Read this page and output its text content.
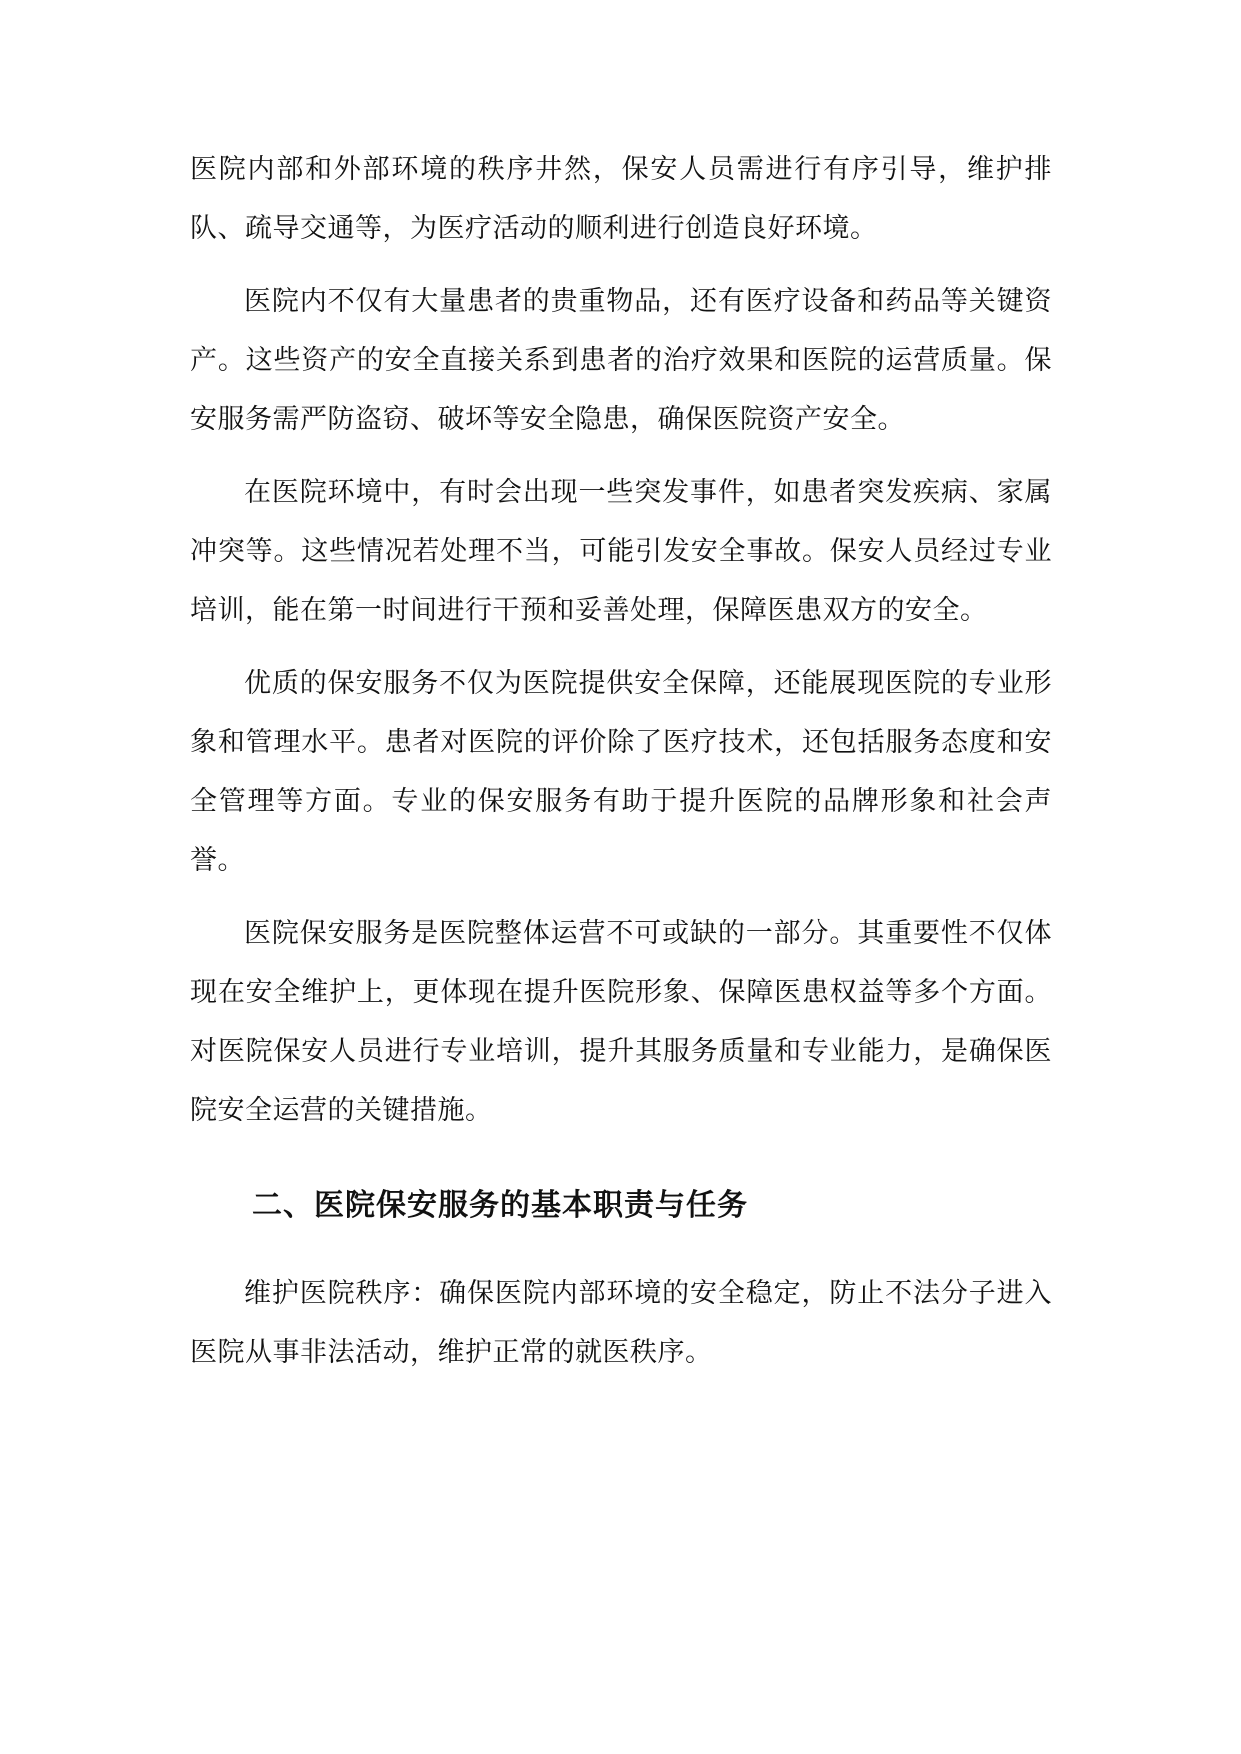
医院内部和外部环境的秩序井然，保安人员需进行有序引导，维护排队、疏导交通等，为医疗活动的顺利进行创造良好环境。

医院内不仅有大量患者的贵重物品，还有医疗设备和药品等关键资产。这些资产的安全直接关系到患者的治疗效果和医院的运营质量。保安服务需严防盗窃、破坏等安全隐患，确保医院资产安全。

在医院环境中，有时会出现一些突发事件，如患者突发疾病、家属冲突等。这些情况若处理不当，可能引发安全事故。保安人员经过专业培训，能在第一时间进行干预和妥善处理，保障医患双方的安全。

优质的保安服务不仅为医院提供安全保障，还能展现医院的专业形象和管理水平。患者对医院的评价除了医疗技术，还包括服务态度和安全管理等方面。专业的保安服务有助于提升医院的品牌形象和社会声誉。

医院保安服务是医院整体运营不可或缺的一部分。其重要性不仅体现在安全维护上，更体现在提升医院形象、保障医患权益等多个方面。对医院保安人员进行专业培训，提升其服务质量和专业能力，是确保医院安全运营的关键措施。

二、医院保安服务的基本职责与任务

维护医院秩序：确保医院内部环境的安全稳定，防止不法分子进入医院从事非法活动，维护正常的就医秩序。
